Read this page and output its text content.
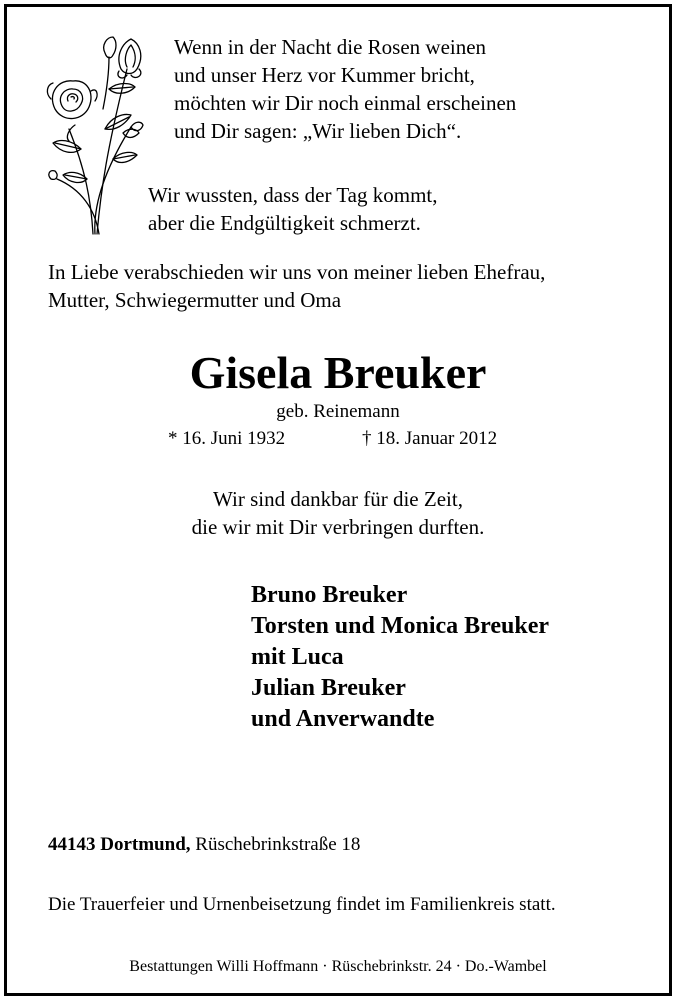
Wenn in der Nacht die Rosen weinen
und unser Herz vor Kummer bricht,
möchten wir Dir noch einmal erscheinen
und Dir sagen: „Wir lieben Dich“.
Wir wussten, dass der Tag kommt,
aber die Endgültigkeit schmerzt.
In Liebe verabschieden wir uns von meiner lieben Ehefrau,
Mutter, Schwiegermutter und Oma
Gisela Breuker
geb. Reinemann
* 16. Juni 1932	† 18. Januar 2012
Wir sind dankbar für die Zeit,
die wir mit Dir verbringen durften.
Bruno Breuker
Torsten und Monica Breuker
mit Luca
Julian Breuker
und Anverwandte
44143 Dortmund, Rüschebrinkstraße 18
Die Trauerfeier und Urnenbeisetzung findet im Familienkreis statt.
Bestattungen Willi Hoffmann · Rüschebrinkstr. 24 · Do.-Wambel
